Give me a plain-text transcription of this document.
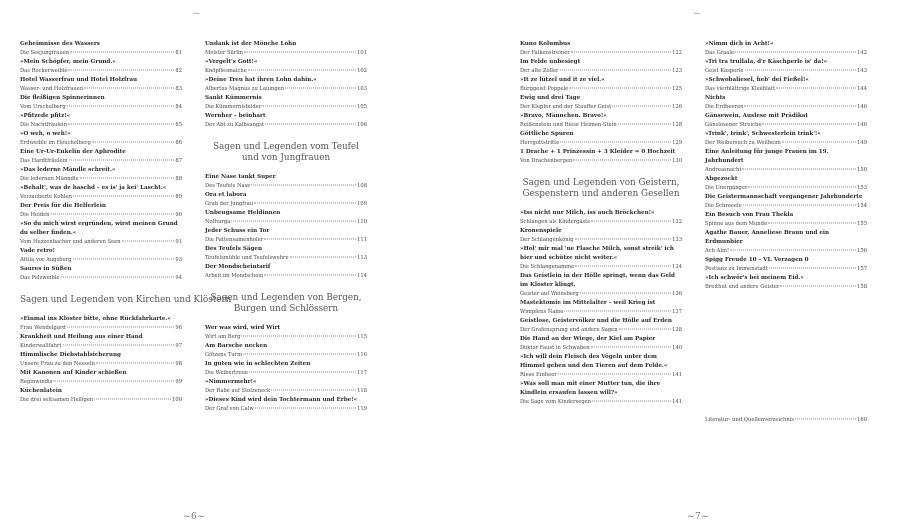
~
Geheimnisse des Wassers
Die Seejungfrauen	81
»Mein Schöpfer, mein Grund.«
Das Rockerweible	82
Hotel Wasserfrau und Hotel Holzfrau
Wasser- und Holzfrauen	83
Die fleißigen Spinnerinnen
Vom Urschelberg	84
»Pfitzede pfitz!«
Die Nachtfräulein	85
»O weh, o weh!«
Erdweible im Heuchelberg	86
Eine Ur-Ur-Enkelin der Aphrodite
Das Hardtfräulein	87
»Das lederne Mändle schreit.«
Die ledernen Männdle	88
»Behalt', was de haschd – es is' ja kei' Lascht.«
Verzauberte Kohlen	89
Der Preis für die Helferlein
Die Heiden	90
»So du mich wirst ergründen, wirst meinen Grund du selber finden.«
Vom Huzzenbacher und anderen Seen	91
Vade retro!
Attila vor Augsburg	93
Saures in Süßen
Das Pelzweible	94
Sagen und Legenden von Kirchen und Klöstern
»Einmal ins Kloster bitte, ohne Rückfahrkarte.«
Frau Wendelgard	96
Krankheit und Heilung aus einer Hand
Kinderwallfahrt	97
Himmlische Diebstahlsicherung
Unsere Frau zu den Nesseln	98
Mit Kanonen auf Kinder schießen
Reginwindis	99
Küchenlatein
Die drei seltsamen Heiligen	100
Undank ist der Mönche Lohn
Meister Sürlin	101
»Vergelt's Gott!«
Knöpflesmaiche	102
»Deine Treu hat ihren Lohn dahin.«
Albertus Magnus zu Lauingen	103
Sankt Kümmernis
Die Kümmernisbilder	105
Wernher – beinhart
Der Abt zu Kalbsangst	106
Sagen und Legenden vom Teufel und von Jungfrauen
Eine Nase tankt Super
Des Teufels Nase	108
Ora et labora
Grab der Jungfrau	109
Unbeugsame Heldinnen
Nothurga	110
Jeder Schuss ein Tor
Die Fattensamenholer	111
Des Teufels Sägen
Teufelsmühle und Teufelswehre	113
Der Mondscheintarif
Arbeit im Mondschein	114
Sagen und Legenden von Bergen, Burgen und Schlössern
Wer was wird, wird Wirt
Wirt am Berg	115
Am Barsche necken
Götzens Turm	116
In guten wie in schlechten Zeiten
Die Weibertreue	117
»Nimmermehr!«
Der Rabe auf Stolzeneck	118
»Dieses Kind wird dein Tochtermann und Erbe!«
Der Graf von Calw	119
~6~
~
Kuno Kolumbus
Der Falkenstreiner	122
Im Felde unbesiegt
Der alte Zoller	123
»It ze lützel und it ze viel.«
Burggeist Poppele	125
Ewig und drei Tage
Der Klopfer und der Stauffer Geist	126
»Bravo, Männchen. Bravo!«
Reißenstein und Riese Heimen-Stein	128
Göttliche Spuren
Herrgottstritte	129
1 Drache + 1 Prinzessin + 3 Kleider = 0 Hochzeit
Von Drachenbergen	130
Sagen und Legenden von Geistern, Gespenstern und anderen Gesellen
»Iss nicht nur Milch, iss auch Bröckchen!«
Schlangen als Kindergäste	132
Kronenspiele
Der Schlangenkönig	133
»Hol' mir mal 'ne Flasche Milch, sonst streik' ich hier und schütze nicht weiter.«
Die Schlangenamme	134
Das Geistlein in der Hölle springt, wenn das Geld im Kloster klingt.
Geister auf Weinsberg	136
Mastektomie im Mittelalter – weil Krieg ist
Wimpfens Name	137
Geistlose, Geistervölker und die Hölle auf Erden
Der Grafensprung und andere Sagen	138
Die Hand an der Wiege, der Kiel am Papier
Doktor Faust in Schwaben	140
»Ich will dein Fleisch des Vögeln unter dem Himmel geben und den Tieren auf dem Felde.«
Riese Einheer	141
»Was soll man mit einer Mutter tun, die ihre Kindlein ersaufen lassen will?«
Die Sage vom Kindersegen	141
»Nimm dich in Acht!«
Das Graale	142
»Tri tra trullala, d'r Käschperle is' da!«
Geist Käsperle	143
»Schwobaliesel, heb' dei Fießel!«
Das vierblättrige Kleeblatt	144
Nichts
Die Erdbeeren	146
Gänsewein, Auslese mit Prädikat
Gänslosener Streiche	146
»Trink', trink', Schwesterlein trink'!«
Der Weibersuch zu Weilheim	149
Eine Anleitung für junge Frauen im 19. Jahrhundert
Andreasnacht	150
Abgezockt
Die Unergänger	153
Die Geistermannschaft vergangener Jahrhunderte
Die Schreeele	154
Ein Besuch von Frau Thekla
Spinne aus dem Munde	155
Agathe Bauer, Anneliese Braun und ein Erdmunbier
Ach Alm!	156
Spigg Freude 10 – VI. Verzagen 0
Pestianz zu Immenstadt	157
»Ich schwör's bei meinem Eid.«
Breithut und andere Geister	158
Literatur- und Quellenverzeichnis	160
~7~
